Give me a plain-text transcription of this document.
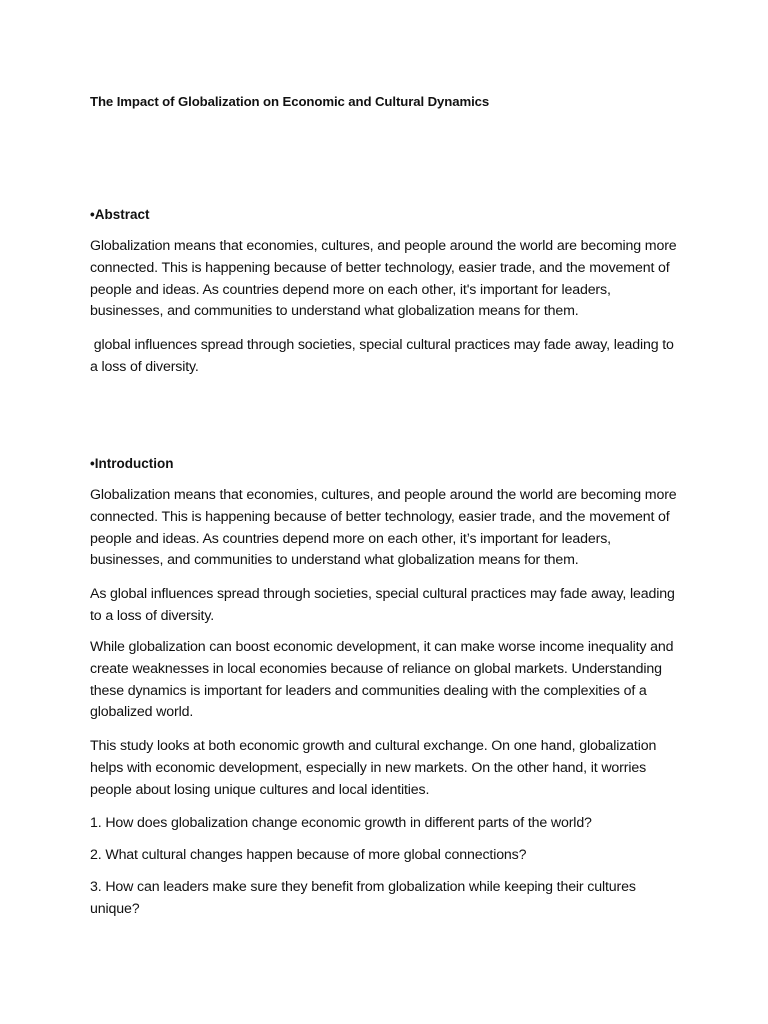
The Impact of Globalization on Economic and Cultural Dynamics
•Abstract

Globalization means that economies, cultures, and people around the world are becoming more connected. This is happening because of better technology, easier trade, and the movement of people and ideas. As countries depend more on each other, it's important for leaders, businesses, and communities to understand what globalization means for them.

global influences spread through societies, special cultural practices may fade away, leading to a loss of diversity.

•Introduction

Globalization means that economies, cultures, and people around the world are becoming more connected. This is happening because of better technology, easier trade, and the movement of people and ideas. As countries depend more on each other, it’s important for leaders, businesses, and communities to understand what globalization means for them.

As global influences spread through societies, special cultural practices may fade away, leading to a loss of diversity.

While globalization can boost economic development, it can make worse income inequality and create weaknesses in local economies because of reliance on global markets. Understanding these dynamics is important for leaders and communities dealing with the complexities of a globalized world.

This study looks at both economic growth and cultural exchange. On one hand, globalization helps with economic development, especially in new markets. On the other hand, it worries people about losing unique cultures and local identities.

1. How does globalization change economic growth in different parts of the world?

2. What cultural changes happen because of more global connections?

3. How can leaders make sure they benefit from globalization while keeping their cultures unique?
